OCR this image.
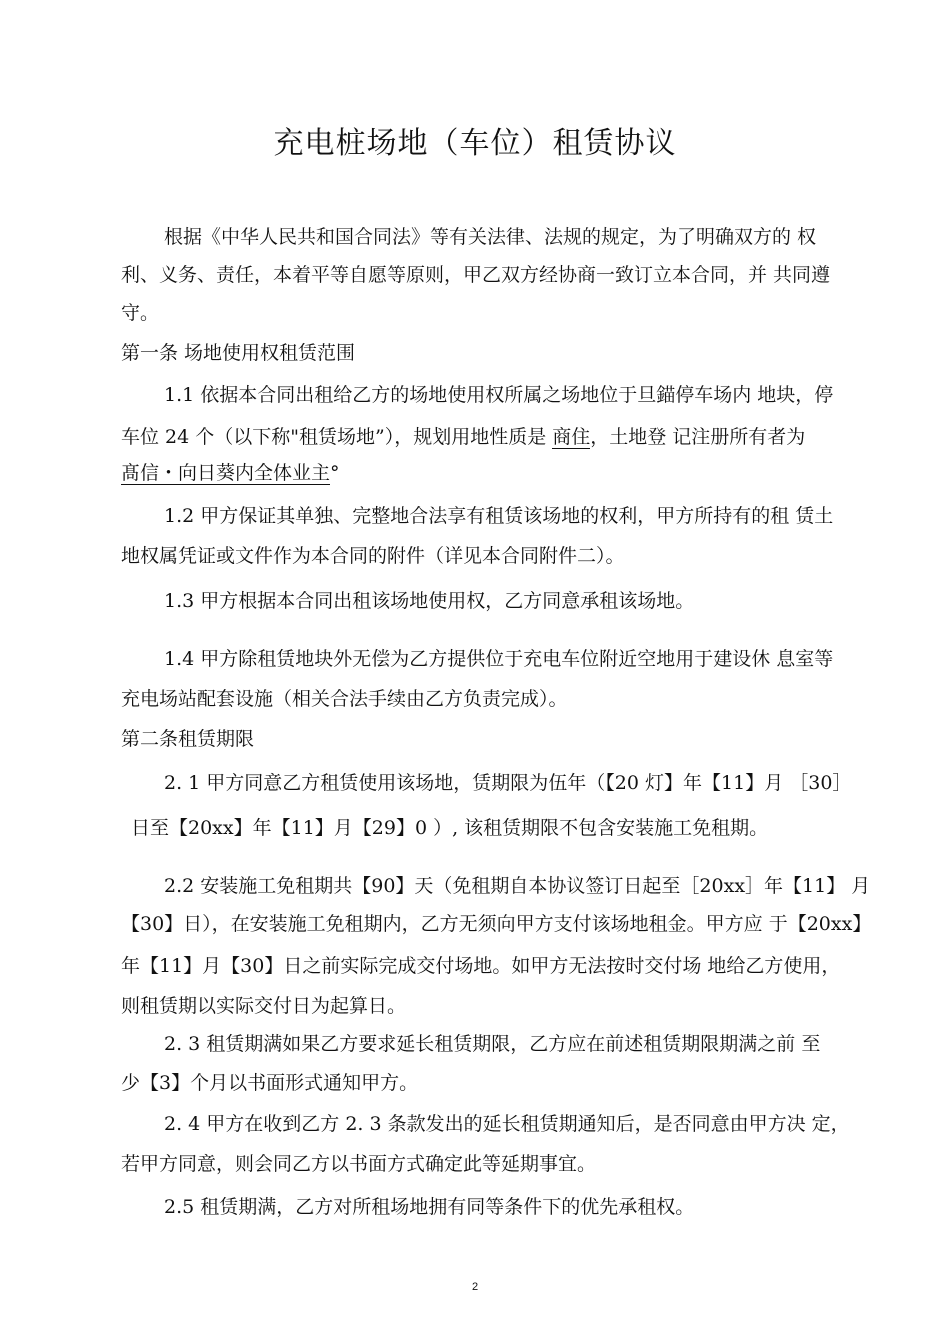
充电桩场地（车位）租赁协议
根据《中华人民共和国合同法》等有关法律、法规的规定，为了明确双方的 权
利、义务、责任，本着平等自愿等原则，甲乙双方经协商一致订立本合同，并 共同遵
守。
第一条 场地使用权租赁范围
1.1 依据本合同出租给乙方的场地使用权所属之场地位于旦錨停车场内 地块，停
车位 24 个（以下称"租赁场地”），规划用地性质是 商住，土地登 记注册所有者为
髙信・向日葵内全体业主°
1.2 甲方保证其单独、完整地合法享有租赁该场地的权利，甲方所持有的租 赁土
地权属凭证或文件作为本合同的附件（详见本合同附件二）。
1.3 甲方根据本合同出租该场地使用权，乙方同意承租该场地。
1.4 甲方除租赁地块外无偿为乙方提供位于充电车位附近空地用于建设休 息室等
充电场站配套设施（相关合法手续由乙方负责完成）。
第二条租赁期限
2. 1 甲方同意乙方租赁使用该场地，赁期限为伍年（【20 灯】年【11】月 ［30］
日至【20xx】年【11】月【29】0 ）, 该租赁期限不包含安装施工免租期。
2.2 安装施工免租期共【90】天（免租期自本协议签订日起至［20xx］年【11】 月
【30】日），在安装施工免租期内，乙方无须向甲方支付该场地租金。甲方应 于【20xx】
年【11】月【30】日之前实际完成交付场地。如甲方无法按时交付场 地给乙方使用，
则租赁期以实际交付日为起算日。
2. 3 租赁期满如果乙方要求延长租赁期限，乙方应在前述租赁期限期满之前 至
少【3】个月以书面形式通知甲方。
2. 4 甲方在收到乙方 2. 3 条款发出的延长租赁期通知后，是否同意由甲方决 定，
若甲方同意，则会同乙方以书面方式确定此等延期事宜。
2.5 租赁期满，乙方对所租场地拥有同等条件下的优先承租权。
2
